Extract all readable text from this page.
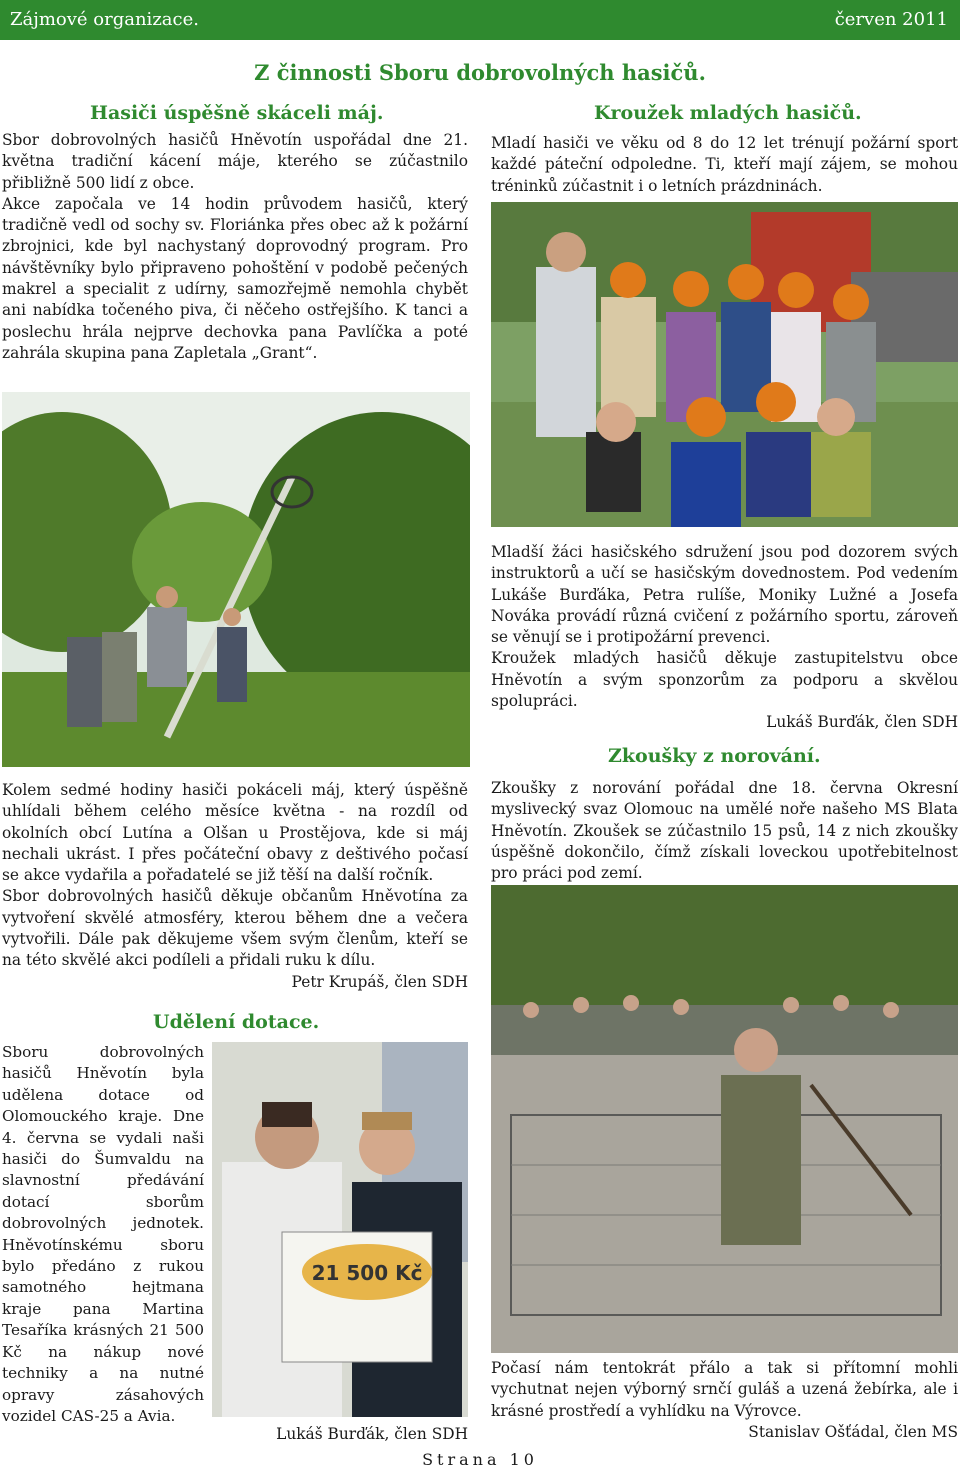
Zájmové organizace.	červen 2011
Z činnosti Sboru dobrovolných hasičů.
Hasiči úspěšně skáceli máj.

Sbor dobrovolných hasičů Hněvotín uspořádal dne 21. května tradiční kácení máje, kterého se zúčastnilo přibližně 500 lidí z obce.

Akce započala ve 14 hodin průvodem hasičů, který tradičně vedl od sochy sv. Floriánka přes obec až k požární zbrojnici, kde byl nachystaný doprovodný program. Pro návštěvníky bylo připraveno pohoštění v podobě pečených makrel a specialit z udírny, samozřejmě nemohla chybět ani nabídka točeného piva, či něčeho ostřejšího. K tanci a poslechu hrála nejprve dechovka pana Pavlíčka a poté zahrála skupina pana Zapletala „Grant“.

Kolem sedmé hodiny hasiči pokáceli máj, který úspěšně uhlídali během celého měsíce května - na rozdíl od okolních obcí Lutína a Olšan u Prostějova, kde si máj nechali ukrást. I přes počáteční obavy z deštivého počasí se akce vydařila a pořadatelé se již těší na další ročník.

Sbor dobrovolných hasičů děkuje občanům Hněvotína za vytvoření skvělé atmosféry, kterou během dne a večera vytvořili. Dále pak děkujeme všem svým členům, kteří se na této skvělé akci podíleli a přidali ruku k dílu.

Petr Krupáš, člen SDH

Udělení dotace.

Sboru dobrovolných hasičů Hněvotín byla udělena dotace od Olomouckého kraje. Dne 4. června se vydali naši hasiči do Šumvaldu na slavnostní předávání dotací sborům dobrovolných jednotek. Hněvotínskému sboru bylo předáno z rukou samotného hejtmana kraje pana Martina Tesaříka krásných 21 500 Kč na nákup nové techniky a na nutné opravy zásahových vozidel CAS-25 a Avia.

21 500 Kč

Lukáš Burďák, člen SDH

Kroužek mladých hasičů.

Mladí hasiči ve věku od 8 do 12 let trénují požární sport každé páteční odpoledne. Ti, kteří mají zájem, se mohou tréninků zúčastnit i o letních prázdninách.

Mladší žáci hasičského sdružení jsou pod dozorem svých instruktorů a učí se hasičským dovednostem. Pod vedením Lukáše Burďáka, Petra rulíše, Moniky Lužné a Josefa Nováka provádí různá cvičení z požárního sportu, zároveň se věnují se i protipožární prevenci.

Kroužek mladých hasičů děkuje zastupitelstvu obce Hněvotín a svým sponzorům za podporu a skvělou spolupráci.

Lukáš Burďák, člen SDH

Zkoušky z norování.

Zkoušky z norování pořádal dne 18. června Okresní myslivecký svaz Olomouc na umělé noře našeho MS Blata Hněvotín. Zkoušek se zúčastnilo 15 psů, 14 z nich zkoušky úspěšně dokončilo, čímž získali loveckou upotřebitelnost pro práci pod zemí.

Počasí nám tentokrát přálo a tak si přítomní mohli vychutnat nejen výborný srnčí guláš a uzená žebírka, ale i krásné prostředí a vyhlídku na Výrovce.

Stanislav Ošťádal, člen MS

Strana 10
